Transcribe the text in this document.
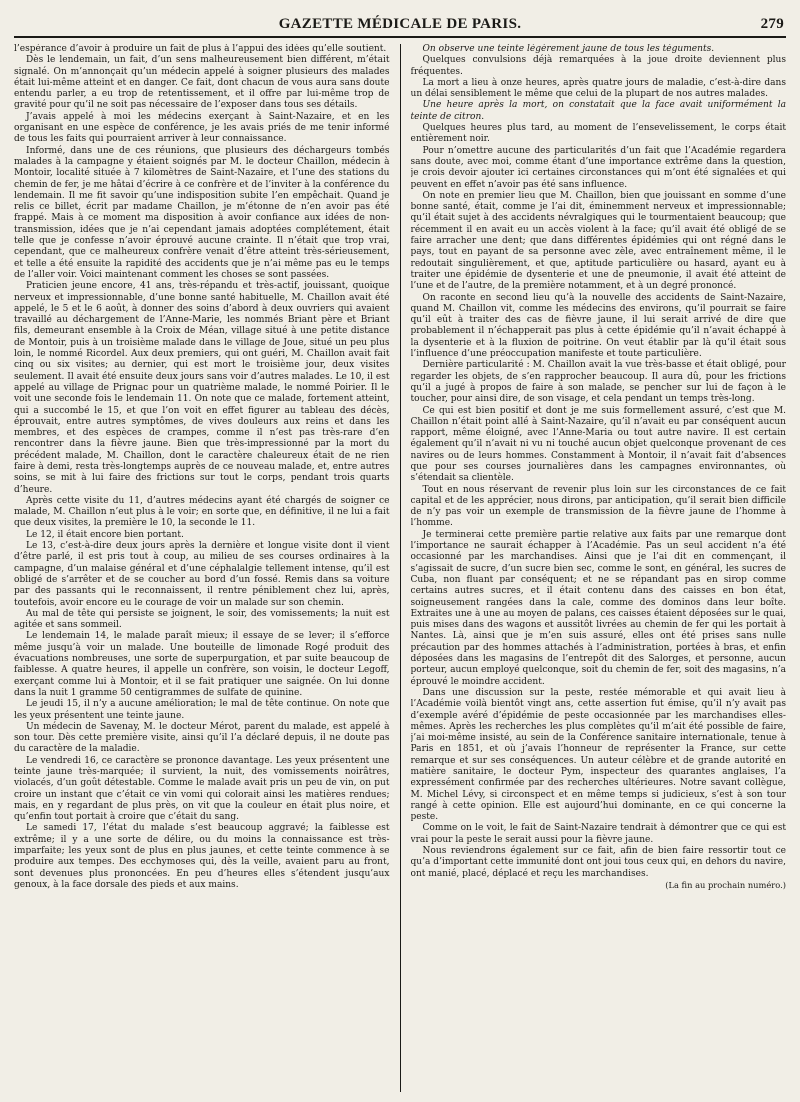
GAZETTE MÉDICALE DE PARIS.	279

l’espérance d’avoir à produire un fait de plus à l’appui des idées qu’elle soutient.

Dès le lendemain, un fait, d’un sens malheureusement bien différent, m’était signalé. On m’annonçait qu’un médecin appelé à soigner plusieurs des malades était lui-même atteint et en danger. Ce fait, dont chacun de vous aura sans doute entendu parler, a eu trop de retentissement, et il offre par lui-même trop de gravité pour qu’il ne soit pas nécessaire de l’exposer dans tous ses détails.

J’avais appelé à moi les médecins exerçant à Saint-Nazaire, et en les organisant en une espèce de conférence, je les avais priés de me tenir informé de tous les faits qui pourraient arriver à leur connaissance.

Informé, dans une de ces réunions, que plusieurs des déchargeurs tombés malades à la campagne y étaient soignés par M. le docteur Chaillon, médecin à Montoir, localité située à 7 kilomètres de Saint-Nazaire, et l’une des stations du chemin de fer, je me hâtai d’écrire à ce confrère et de l’inviter à la conférence du lendemain. Il me fit savoir qu’une indisposition subite l’en empêchait. Quand je relis ce billet, écrit par madame Chaillon, je m’étonne de n’en avoir pas été frappé. Mais à ce moment ma disposition à avoir confiance aux idées de non-transmission, idées que je n’ai cependant jamais adoptées complétement, était telle que je confesse n’avoir éprouvé aucune crainte. Il n’était que trop vrai, cependant, que ce malheureux confrère venait d’être atteint très-sérieusement, et telle a été ensuite la rapidité des accidents que je n’ai même pas eu le temps de l’aller voir. Voici maintenant comment les choses se sont passées.

Praticien jeune encore, 41 ans, très-répandu et très-actif, jouissant, quoique nerveux et impressionnable, d’une bonne santé habituelle, M. Chaillon avait été appelé, le 5 et le 6 août, à donner des soins d’abord à deux ouvriers qui avaient travaillé au déchargement de l’Anne-Marie, les nommés Briant père et Briant fils, demeurant ensemble à la Croix de Méan, village situé à une petite distance de Montoir, puis à un troisième malade dans le village de Joue, situé un peu plus loin, le nommé Ricordel. Aux deux premiers, qui ont guéri, M. Chaillon avait fait cinq ou six visites; au dernier, qui est mort le troisième jour, deux visites seulement. Il avait été ensuite deux jours sans voir d’autres malades. Le 10, il est appelé au village de Prignac pour un quatrième malade, le nommé Poirier. Il le voit une seconde fois le lendemain 11. On note que ce malade, fortement atteint, qui a succombé le 15, et que l’on voit en effet figurer au tableau des décès, éprouvait, entre autres symptômes, de vives douleurs aux reins et dans les membres, et des espèces de crampes, comme il n’est pas très-rare d’en rencontrer dans la fièvre jaune. Bien que très-impressionné par la mort du précédent malade, M. Chaillon, dont le caractère chaleureux était de ne rien faire à demi, resta très-longtemps auprès de ce nouveau malade, et, entre autres soins, se mit à lui faire des frictions sur tout le corps, pendant trois quarts d’heure.

Après cette visite du 11, d’autres médecins ayant été chargés de soigner ce malade, M. Chaillon n’eut plus à le voir; en sorte que, en définitive, il ne lui a fait que deux visites, la première le 10, la seconde le 11.

Le 12, il était encore bien portant.

Le 13, c’est-à-dire deux jours après la dernière et longue visite dont il vient d’être parlé, il est pris tout à coup, au milieu de ses courses ordinaires à la campagne, d’un malaise général et d’une céphalalgie tellement intense, qu’il est obligé de s’arrêter et de se coucher au bord d’un fossé. Remis dans sa voiture par des passants qui le reconnaissent, il rentre péniblement chez lui, après, toutefois, avoir encore eu le courage de voir un malade sur son chemin.

Au mal de tête qui persiste se joignent, le soir, des vomissements; la nuit est agitée et sans sommeil.

Le lendemain 14, le malade paraît mieux; il essaye de se lever; il s’efforce même jusqu’à voir un malade. Une bouteille de limonade Rogé produit des évacuations nombreuses, une sorte de superpurgation, et par suite beaucoup de faiblesse. A quatre heures, il appelle un confrère, son voisin, le docteur Legoff, exerçant comme lui à Montoir, et il se fait pratiquer une saignée. On lui donne dans la nuit 1 gramme 50 centigrammes de sulfate de quinine.

Le jeudi 15, il n’y a aucune amélioration; le mal de tête continue. On note que les yeux présentent une teinte jaune.

Un médecin de Savenay, M. le docteur Mérot, parent du malade, est appelé à son tour. Dès cette première visite, ainsi qu’il l’a déclaré depuis, il ne doute pas du caractère de la maladie.

Le vendredi 16, ce caractère se prononce davantage. Les yeux présentent une teinte jaune très-marquée; il survient, la nuit, des vomissements noirâtres, violacés, d’un goût détestable. Comme le malade avait pris un peu de vin, on put croire un instant que c’était ce vin vomi qui colorait ainsi les matières rendues; mais, en y regardant de plus près, on vit que la couleur en était plus noire, et qu’enfin tout portait à croire que c’était du sang.

Le samedi 17, l’état du malade s’est beaucoup aggravé; la faiblesse est extrême; il y a une sorte de délire, ou du moins la connaissance est très-imparfaite; les yeux sont de plus en plus jaunes, et cette teinte commence à se produire aux tempes. Des ecchymoses qui, dès la veille, avaient paru au front, sont devenues plus prononcées. En peu d’heures elles s’étendent jusqu’aux genoux, à la face dorsale des pieds et aux mains.

On observe une teinte légèrement jaune de tous les téguments.

Quelques convulsions déjà remarquées à la joue droite deviennent plus fréquentes.

La mort a lieu à onze heures, après quatre jours de maladie, c’est-à-dire dans un délai sensiblement le même que celui de la plupart de nos autres malades.

Une heure après la mort, on constatait que la face avait uniformément la teinte de citron.

Quelques heures plus tard, au moment de l’ensevelissement, le corps était entièrement noir.

Pour n’omettre aucune des particularités d’un fait que l’Académie regardera sans doute, avec moi, comme étant d’une importance extrême dans la question, je crois devoir ajouter ici certaines circonstances qui m’ont été signalées et qui peuvent en effet n’avoir pas été sans influence.

On note en premier lieu que M. Chaillon, bien que jouissant en somme d’une bonne santé, était, comme je l’ai dit, éminemment nerveux et impressionnable; qu’il était sujet à des accidents névralgiques qui le tourmentaient beaucoup; que récemment il en avait eu un accès violent à la face; qu’il avait été obligé de se faire arracher une dent; que dans différentes épidémies qui ont régné dans le pays, tout en payant de sa personne avec zèle, avec entraînement même, il le redoutait singulièrement, et que, aptitude particulière ou hasard, ayant eu à traiter une épidémie de dysenterie et une de pneumonie, il avait été atteint de l’une et de l’autre, de la première notamment, et à un degré prononcé.

On raconte en second lieu qu’à la nouvelle des accidents de Saint-Nazaire, quand M. Chaillon vit, comme les médecins des environs, qu’il pourrait se faire qu’il eût à traiter des cas de fièvre jaune, il lui serait arrivé de dire que probablement il n’échapperait pas plus à cette épidémie qu’il n’avait échappé à la dysenterie et à la fluxion de poitrine. On veut établir par là qu’il était sous l’influence d’une préoccupation manifeste et toute particulière.

Dernière particularité : M. Chaillon avait la vue très-basse et était obligé, pour regarder les objets, de s’en rapprocher beaucoup. Il aura dû, pour les frictions qu’il a jugé à propos de faire à son malade, se pencher sur lui de façon à le toucher, pour ainsi dire, de son visage, et cela pendant un temps très-long.

Ce qui est bien positif et dont je me suis formellement assuré, c’est que M. Chaillon n’était point allé à Saint-Nazaire, qu’il n’avait eu par conséquent aucun rapport, même éloigné, avec l’Anne-Maria ou tout autre navire. Il est certain également qu’il n’avait ni vu ni touché aucun objet quelconque provenant de ces navires ou de leurs hommes. Constamment à Montoir, il n’avait fait d’absences que pour ses courses journalières dans les campagnes environnantes, où s’étendait sa clientèle.

Tout en nous réservant de revenir plus loin sur les circonstances de ce fait capital et de les apprécier, nous dirons, par anticipation, qu’il serait bien difficile de n’y pas voir un exemple de transmission de la fièvre jaune de l’homme à l’homme.

Je terminerai cette première partie relative aux faits par une remarque dont l’importance ne saurait échapper à l’Académie. Pas un seul accident n’a été occasionné par les marchandises. Ainsi que je l’ai dit en commençant, il s’agissait de sucre, d’un sucre bien sec, comme le sont, en général, les sucres de Cuba, non fluant par conséquent; et ne se répandant pas en sirop comme certains autres sucres, et il était contenu dans des caisses en bon état, soigneusement rangées dans la cale, comme des dominos dans leur boîte. Extraites une à une au moyen de palans, ces caisses étaient déposées sur le quai, puis mises dans des wagons et aussitôt livrées au chemin de fer qui les portait à Nantes. Là, ainsi que je m’en suis assuré, elles ont été prises sans nulle précaution par des hommes attachés à l’administration, portées à bras, et enfin déposées dans les magasins de l’entrepôt dit des Salorges, et personne, aucun porteur, aucun employé quelconque, soit du chemin de fer, soit des magasins, n’a éprouvé le moindre accident.

Dans une discussion sur la peste, restée mémorable et qui avait lieu à l’Académie voilà bientôt vingt ans, cette assertion fut émise, qu’il n’y avait pas d’exemple avéré d’épidémie de peste occasionnée par les marchandises elles-mêmes. Après les recherches les plus complètes qu’il m’ait été possible de faire, j’ai moi-même insisté, au sein de la Conférence sanitaire internationale, tenue à Paris en 1851, et où j’avais l’honneur de représenter la France, sur cette remarque et sur ses conséquences. Un auteur célèbre et de grande autorité en matière sanitaire, le docteur Pym, inspecteur des quarantes anglaises, l’a expressément confirmée par des recherches ultérieures. Notre savant collègue, M. Michel Lévy, si circonspect et en même temps si judicieux, s’est à son tour rangé à cette opinion. Elle est aujourd’hui dominante, en ce qui concerne la peste.

Comme on le voit, le fait de Saint-Nazaire tendrait à démontrer que ce qui est vrai pour la peste le serait aussi pour la fièvre jaune.

Nous reviendrons également sur ce fait, afin de bien faire ressortir tout ce qu’a d’important cette immunité dont ont joui tous ceux qui, en dehors du navire, ont manié, placé, déplacé et reçu les marchandises.

(La fin au prochain numéro.)
